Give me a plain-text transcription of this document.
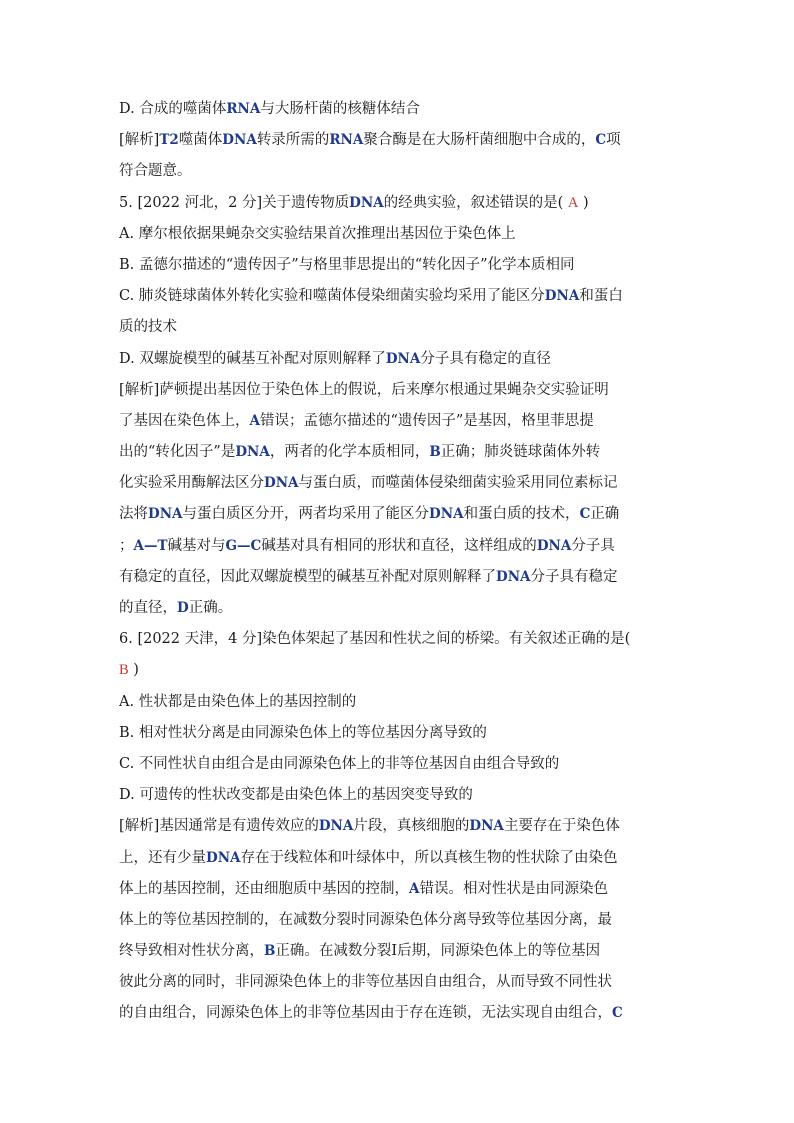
D. 合成的噬菌体RNA与大肠杆菌的核糖体结合
[解析]T2噬菌体DNA转录所需的RNA聚合酶是在大肠杆菌细胞中合成的，C项
符合题意。
5. [2022 河北，2 分]关于遗传物质DNA的经典实验，叙述错误的是( A )
A. 摩尔根依据果蝇杂交实验结果首次推理出基因位于染色体上
B. 孟德尔描述的“遗传因子”与格里菲思提出的“转化因子”化学本质相同
C. 肺炎链球菌体外转化实验和噬菌体侵染细菌实验均采用了能区分DNA和蛋白
质的技术
D. 双螺旋模型的碱基互补配对原则解释了DNA分子具有稳定的直径
[解析]萨顿提出基因位于染色体上的假说，后来摩尔根通过果蝇杂交实验证明
了基因在染色体上，A错误；孟德尔描述的“遗传因子”是基因，格里菲思提
出的“转化因子”是DNA，两者的化学本质相同，B正确；肺炎链球菌体外转
化实验采用酶解法区分DNA与蛋白质，而噬菌体侵染细菌实验采用同位素标记
法将DNA与蛋白质区分开，两者均采用了能区分DNA和蛋白质的技术，C正确
；A—T碱基对与G—C碱基对具有相同的形状和直径，这样组成的DNA分子具
有稳定的直径，因此双螺旋模型的碱基互补配对原则解释了DNA分子具有稳定
的直径，D正确。
6. [2022 天津，4 分]染色体架起了基因和性状之间的桥梁。有关叙述正确的是(
B )
A. 性状都是由染色体上的基因控制的
B. 相对性状分离是由同源染色体上的等位基因分离导致的
C. 不同性状自由组合是由同源染色体上的非等位基因自由组合导致的
D. 可遗传的性状改变都是由染色体上的基因突变导致的
[解析]基因通常是有遗传效应的DNA片段，真核细胞的DNA主要存在于染色体
上，还有少量DNA存在于线粒体和叶绿体中，所以真核生物的性状除了由染色
体上的基因控制，还由细胞质中基因的控制，A错误。相对性状是由同源染色
体上的等位基因控制的，在减数分裂时同源染色体分离导致等位基因分离，最
终导致相对性状分离，B正确。在减数分裂Ⅰ后期，同源染色体上的等位基因
彼此分离的同时，非同源染色体上的非等位基因自由组合，从而导致不同性状
的自由组合，同源染色体上的非等位基因由于存在连锁，无法实现自由组合，C
